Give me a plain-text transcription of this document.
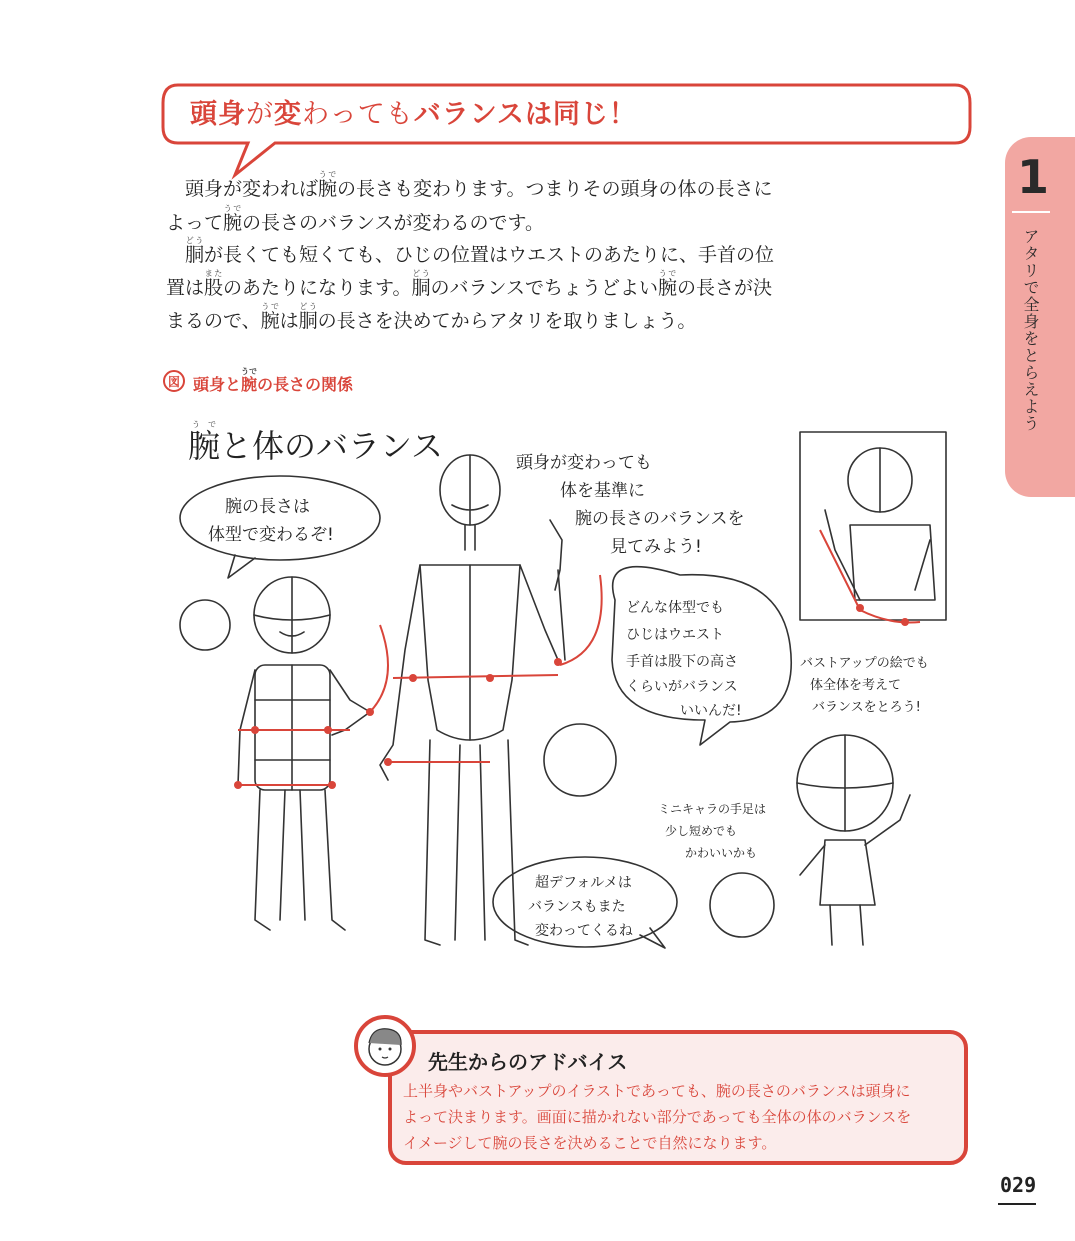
頭身が変わってもバランスは同じ！
1
アタリで全身をとらえよう
　頭身が変われば腕うでの長さも変わります。つまりその頭身の体の長さに
よって腕うでの長さのバランスが変わるのです。
　胴どうが長くても短くても、ひじの位置はウエストのあたりに、手首の位
置は股またのあたりになります。胴どうのバランスでちょうどよい腕うでの長さが決
まるので、腕うでは胴どうの長さを決めてからアタリを取りましょう。
図 頭身と腕うでの長さの関係
腕うでと体のバランス
腕の長さは
体型で変わるぞ!
頭身が変わっても
体を基準に
腕の長さのバランスを
見てみよう!
どんな体型でも
ひじはウエスト
手首は股下の高さ
くらいがバランス
いいんだ!
バストアップの絵でも
体全体を考えて
バランスをとろう!
ミニキャラの手足は
少し短めでも
かわいいかも
超デフォルメは
バランスもまた
変わってくるね
先生からのアドバイス
上半身やバストアップのイラストであっても、腕の長さのバランスは頭身に
よって決まります。画面に描かれない部分であっても全体の体のバランスを
イメージして腕の長さを決めることで自然になります。
029
